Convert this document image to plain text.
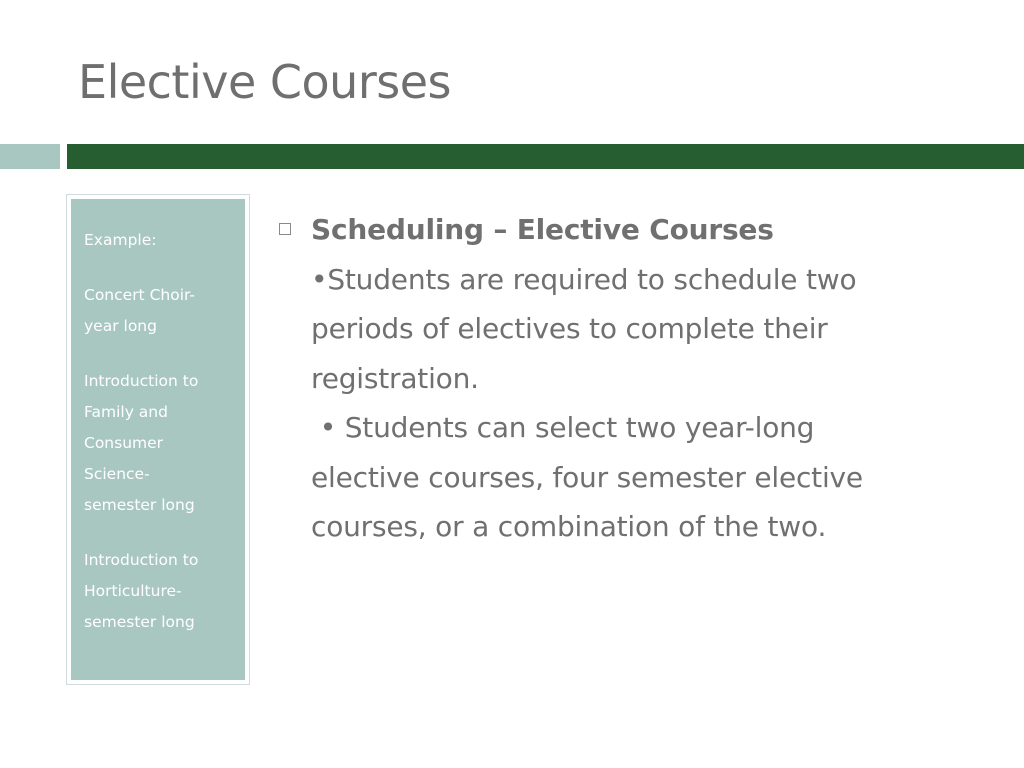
Elective Courses

Example:

Concert Choir-
year long

Introduction to
Family and
Consumer
Science-
semester long

Introduction to
Horticulture-
semester long

Scheduling – Elective Courses
•Students are required to schedule two
periods of electives to complete their
registration.
• Students can select two year-long
elective courses, four semester elective
courses, or a combination of the two.
